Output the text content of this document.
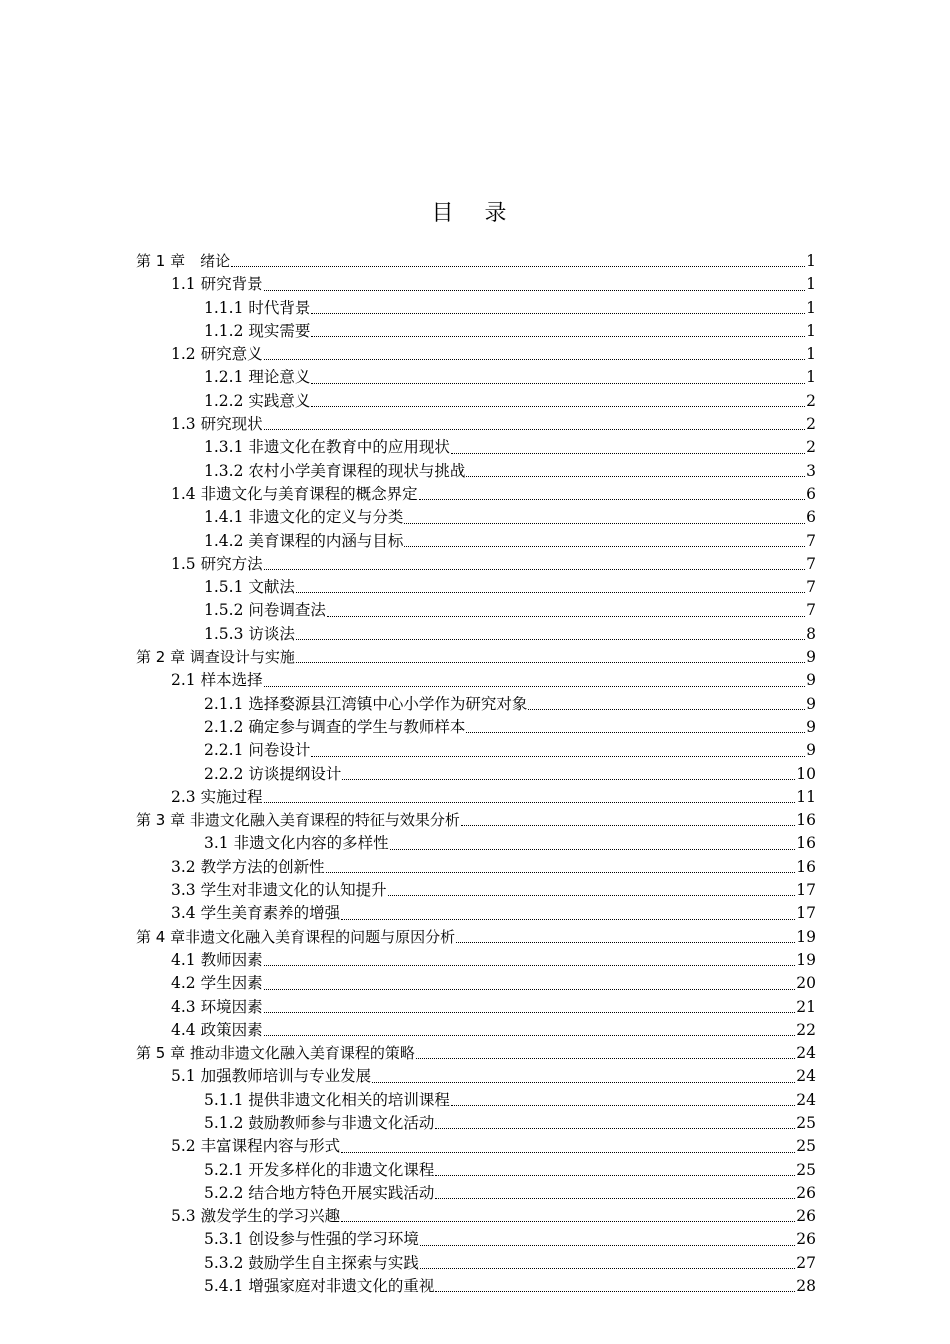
目 录
第 1 章　绪论	1
1.1 研究背景	1
1.1.1 时代背景	1
1.1.2 现实需要	1
1.2 研究意义	1
1.2.1 理论意义	1
1.2.2 实践意义	2
1.3 研究现状	2
1.3.1 非遗文化在教育中的应用现状	2
1.3.2 农村小学美育课程的现状与挑战	3
1.4 非遗文化与美育课程的概念界定	6
1.4.1 非遗文化的定义与分类	6
1.4.2 美育课程的内涵与目标	7
1.5 研究方法	7
1.5.1 文献法	7
1.5.2 问卷调查法	7
1.5.3 访谈法	8
第 2 章 调查设计与实施	9
2.1 样本选择	9
2.1.1 选择婺源县江湾镇中心小学作为研究对象	9
2.1.2 确定参与调查的学生与教师样本	9
2.2.1 问卷设计	9
2.2.2 访谈提纲设计	10
2.3 实施过程	11
第 3 章 非遗文化融入美育课程的特征与效果分析	16
3.1 非遗文化内容的多样性	16
3.2 教学方法的创新性	16
3.3 学生对非遗文化的认知提升	17
3.4 学生美育素养的增强	17
第 4 章非遗文化融入美育课程的问题与原因分析	19
4.1 教师因素	19
4.2 学生因素	20
4.3 环境因素	21
4.4 政策因素	22
第 5 章 推动非遗文化融入美育课程的策略	24
5.1 加强教师培训与专业发展	24
5.1.1 提供非遗文化相关的培训课程	24
5.1.2 鼓励教师参与非遗文化活动	25
5.2 丰富课程内容与形式	25
5.2.1 开发多样化的非遗文化课程	25
5.2.2 结合地方特色开展实践活动	26
5.3 激发学生的学习兴趣	26
5.3.1 创设参与性强的学习环境	26
5.3.2 鼓励学生自主探索与实践	27
5.4.1 增强家庭对非遗文化的重视	28
